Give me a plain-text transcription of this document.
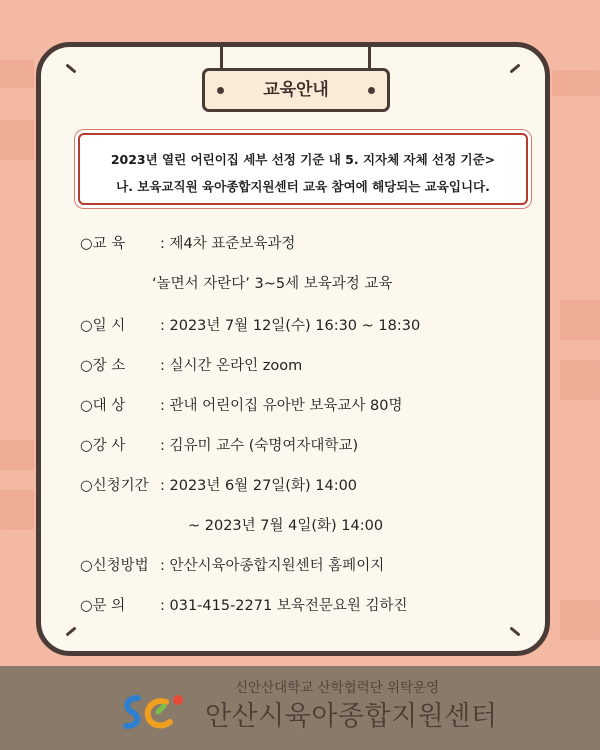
교육안내
2023년 열린 어린이집 세부 선정 기준 내 5. 지자체 자체 선정 기준>
나. 보육교직원 육아종합지원센터 교육 참여에 해당되는 교육입니다.
○교 육 : 제4차 표준보육과정
‘놀면서 자란다’ 3~5세 보육과정 교육
○일 시 : 2023년 7월 12일(수) 16:30 ~ 18:30
○장 소 : 실시간 온라인 zoom
○대 상 : 관내 어린이집 유아반 보육교사 80명
○강 사 : 김유미 교수 (숙명여자대학교)
○신청기간 : 2023년 6월 27일(화) 14:00
~ 2023년 7월 4일(화) 14:00
○신청방법 : 안산시육아종합지원센터 홈페이지
○문 의 : 031-415-2271 보육전문요원 김하진
신안산대학교 산학협력단 위탁운영
안산시육아종합지원센터
